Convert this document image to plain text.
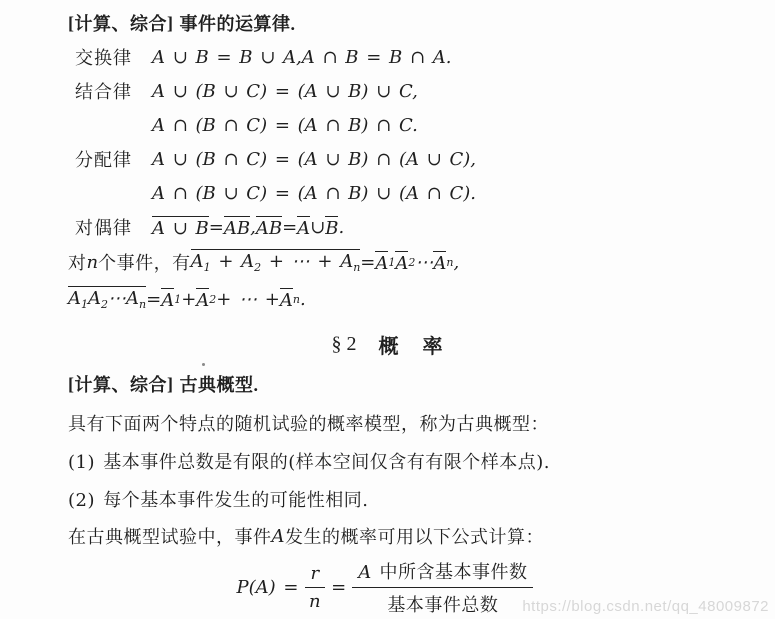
[ 计算、综合 ] 事件的运算律.

交换律	A ∪ B = B ∪ A,A ∩ B = B ∩ A.

结合律	A ∪ (B ∪ C) = (A ∪ B) ∪ C,

A ∩ (B ∩ C) = (A ∩ B) ∩ C.

分配律	A ∪ (B ∩ C) = (A ∪ B) ∩ (A ∪ C),

A ∩ (B ∪ C) = (A ∩ B) ∪ (A ∩ C).

对偶律	A ∪ B = AB , AB = A ∪ B .

对 n 个事件，有 $A_1 + A_2$ + ⋯ + $A_n = A$ 1 A 2 ⋯ A n ,

$A_1A_2\cdots A_n = A$ 1 + A 2 + ⋯ + A n .

§ 2 概　率

[ 计算、综合 ] 古典概型.

具有下面两个特点的随机试验的概率模型，称为古典概型：

(1) 基本事件总数是有限的(样本空间仅含有有限个样本点).

(2) 每个基本事件发生的可能性相同.

在古典概型试验中，事件 A 发生的概率可用以下公式计算：

$P(A) = \frac{r}{n} = \frac{\text{A 中所含基本事件数}}{\text{基本事件总数}}$
https://blog.csdn.net/qq_48009872
